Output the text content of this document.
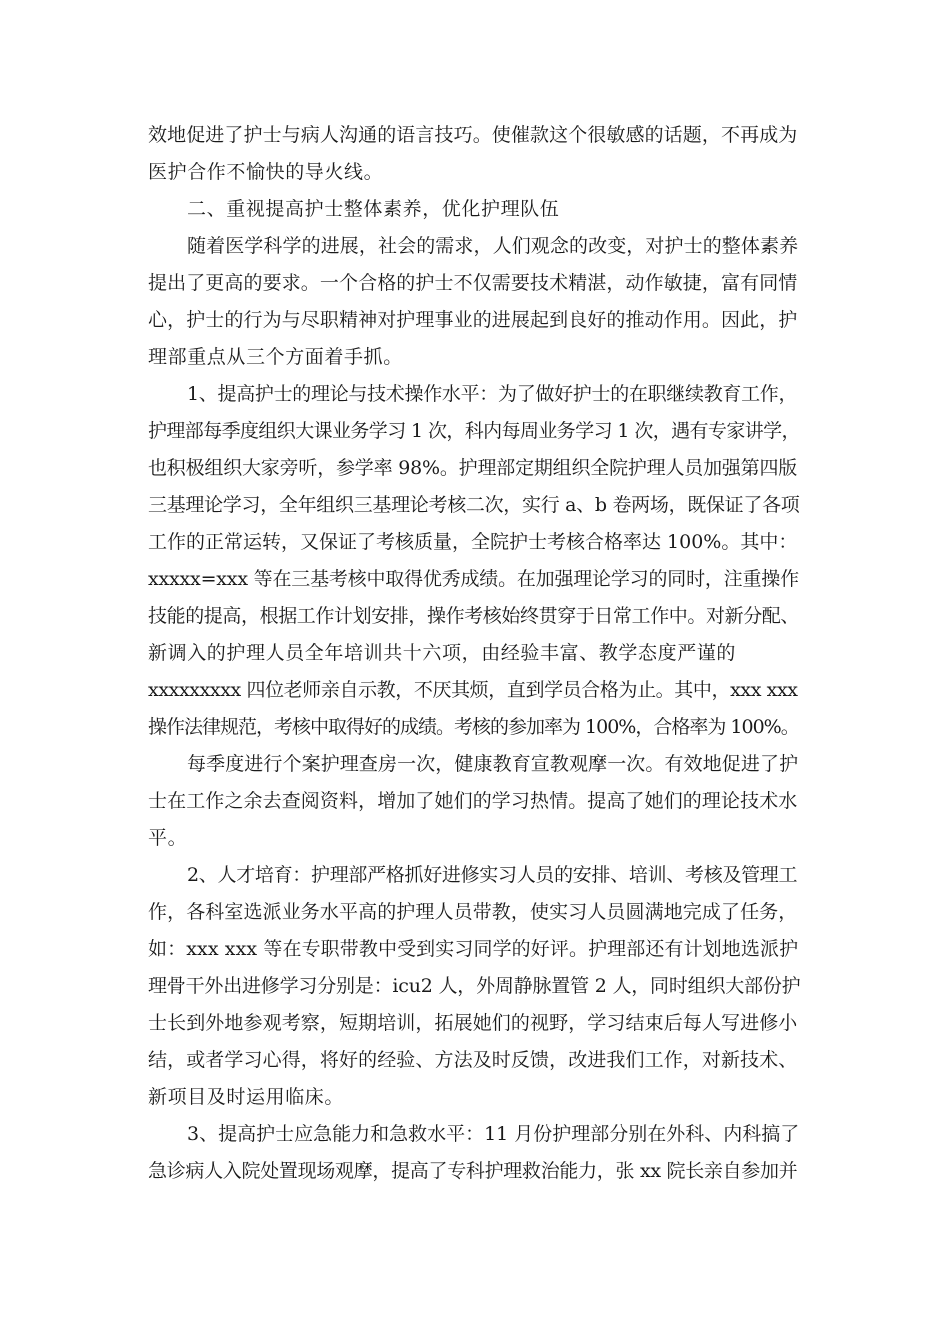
效地促进了护士与病人沟通的语言技巧。使催款这个很敏感的话题，不再成为
医护合作不愉快的导火线。
二、重视提高护士整体素养，优化护理队伍
随着医学科学的进展，社会的需求，人们观念的改变，对护士的整体素养
提出了更高的要求。一个合格的护士不仅需要技术精湛，动作敏捷，富有同情
心，护士的行为与尽职精神对护理事业的进展起到良好的推动作用。因此，护
理部重点从三个方面着手抓。
1、提高护士的理论与技术操作水平：为了做好护士的在职继续教育工作，
护理部每季度组织大课业务学习 1 次，科内每周业务学习 1 次，遇有专家讲学，
也积极组织大家旁听，参学率 98%。护理部定期组织全院护理人员加强第四版
三基理论学习，全年组织三基理论考核二次，实行 a、b 卷两场，既保证了各项
工作的正常运转，又保证了考核质量，全院护士考核合格率达 100%。其中：
xxxxx=xxx 等在三基考核中取得优秀成绩。在加强理论学习的同时，注重操作
技能的提高，根据工作计划安排，操作考核始终贯穿于日常工作中。对新分配、
新调入的护理人员全年培训共十六项，由经验丰富、教学态度严谨的
xxxxxxxxx 四位老师亲自示教，不厌其烦，直到学员合格为止。其中，xxx xxx
操作法律规范，考核中取得好的成绩。考核的参加率为 100%，合格率为 100%。
每季度进行个案护理查房一次，健康教育宣教观摩一次。有效地促进了护
士在工作之余去查阅资料，增加了她们的学习热情。提高了她们的理论技术水
平。
2、人才培育：护理部严格抓好进修实习人员的安排、培训、考核及管理工
作，各科室选派业务水平高的护理人员带教，使实习人员圆满地完成了任务，
如：xxx xxx 等在专职带教中受到实习同学的好评。护理部还有计划地选派护
理骨干外出进修学习分别是：icu2 人，外周静脉置管 2 人，同时组织大部份护
士长到外地参观考察，短期培训，拓展她们的视野，学习结束后每人写进修小
结，或者学习心得，将好的经验、方法及时反馈，改进我们工作，对新技术、
新项目及时运用临床。
3、提高护士应急能力和急救水平：11 月份护理部分别在外科、内科搞了
急诊病人入院处置现场观摩，提高了专科护理救治能力，张 xx 院长亲自参加并
